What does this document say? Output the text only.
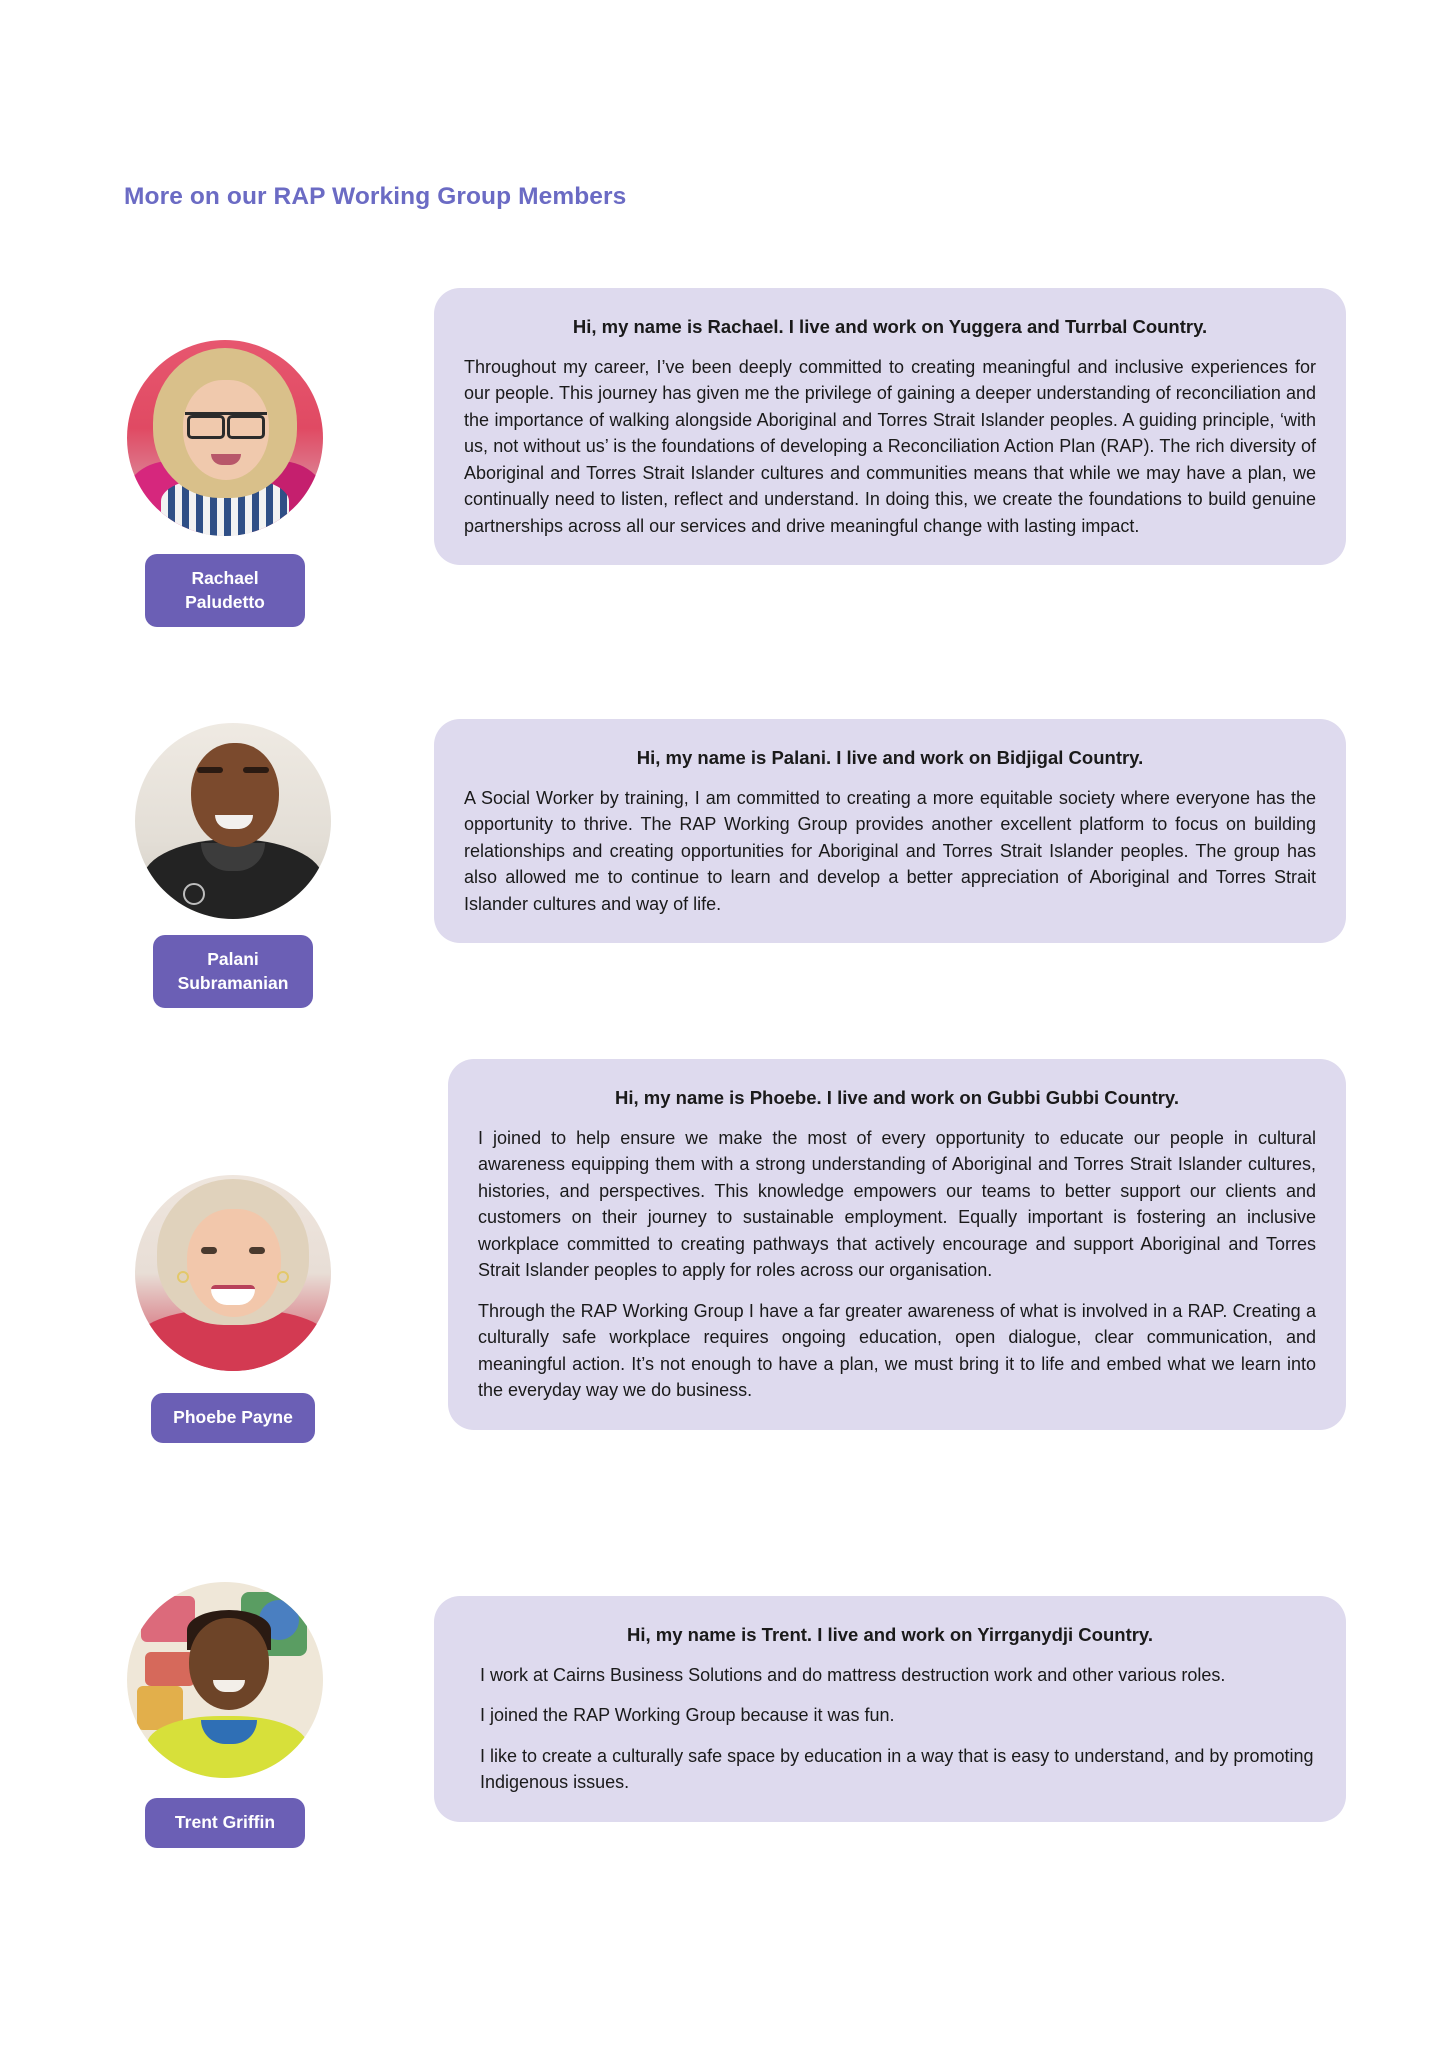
More on our RAP Working Group Members
Rachael
Paludetto
Hi, my name is Rachael. I live and work on Yuggera and Turrbal Country.

Throughout my career, I’ve been deeply committed to creating meaningful and inclusive experiences for our people. This journey has given me the privilege of gaining a deeper understanding of reconciliation and the importance of walking alongside Aboriginal and Torres Strait Islander peoples. A guiding principle, ‘with us, not without us’ is the foundations of developing a Reconciliation Action Plan (RAP). The rich diversity of Aboriginal and Torres Strait Islander cultures and communities means that while we may have a plan, we continually need to listen, reflect and understand. In doing this, we create the foundations to build genuine partnerships across all our services and drive meaningful change with lasting impact.

Palani
Subramanian
Hi, my name is Palani. I live and work on Bidjigal Country.

A Social Worker by training, I am committed to creating a more equitable society where everyone has the opportunity to thrive. The RAP Working Group provides another excellent platform to focus on building relationships and creating opportunities for Aboriginal and Torres Strait Islander peoples. The group has also allowed me to continue to learn and develop a better appreciation of Aboriginal and Torres Strait Islander cultures and way of life.

Phoebe Payne
Hi, my name is Phoebe. I live and work on Gubbi Gubbi Country.

I joined to help ensure we make the most of every opportunity to educate our people in cultural awareness equipping them with a strong understanding of Aboriginal and Torres Strait Islander cultures, histories, and perspectives. This knowledge empowers our teams to better support our clients and customers on their journey to sustainable employment. Equally important is fostering an inclusive workplace committed to creating pathways that actively encourage and support Aboriginal and Torres Strait Islander peoples to apply for roles across our organisation.

Through the RAP Working Group I have a far greater awareness of what is involved in a RAP. Creating a culturally safe workplace requires ongoing education, open dialogue, clear communication, and meaningful action. It’s not enough to have a plan, we must bring it to life and embed what we learn into the everyday way we do business.

Trent Griffin
Hi, my name is Trent. I live and work on Yirrganydji Country.

I work at Cairns Business Solutions and do mattress destruction work and other various roles.

I joined the RAP Working Group because it was fun.

I like to create a culturally safe space by education in a way that is easy to understand, and by promoting Indigenous issues.
